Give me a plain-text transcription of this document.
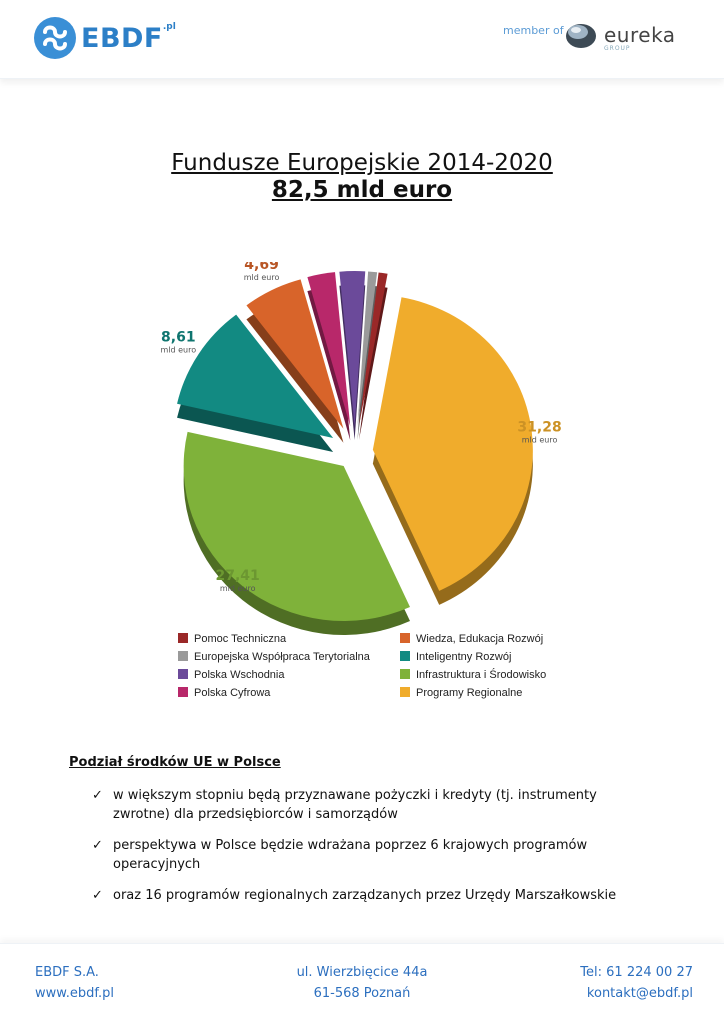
EBDF .pl	member of eureka
GROUP
Fundusze Europejskie 2014-2020
82,5 mld euro
31,28
mld euro
27,41
mld euro
8,61
mld euro
4,69
mld euro
Pomoc Techniczna	Wiedza, Edukacja Rozwój
Europejska Współpraca Terytorialna	Inteligentny Rozwój
Polska Wschodnia	Infrastruktura i Środowisko
Polska Cyfrowa	Programy Regionalne
Podział środków UE w Polsce
✓ w większym stopniu będą przyznawane pożyczki i kredyty (tj. instrumenty zwrotne) dla przedsiębiorców i samorządów
✓ perspektywa w Polsce będzie wdrażana poprzez 6 krajowych programów operacyjnych
✓ oraz 16 programów regionalnych zarządzanych przez Urzędy Marszałkowskie
EBDF S.A.
www.ebdf.pl
ul. Wierzbięcice 44a
61-568 Poznań
Tel: 61 224 00 27
kontakt@ebdf.pl
